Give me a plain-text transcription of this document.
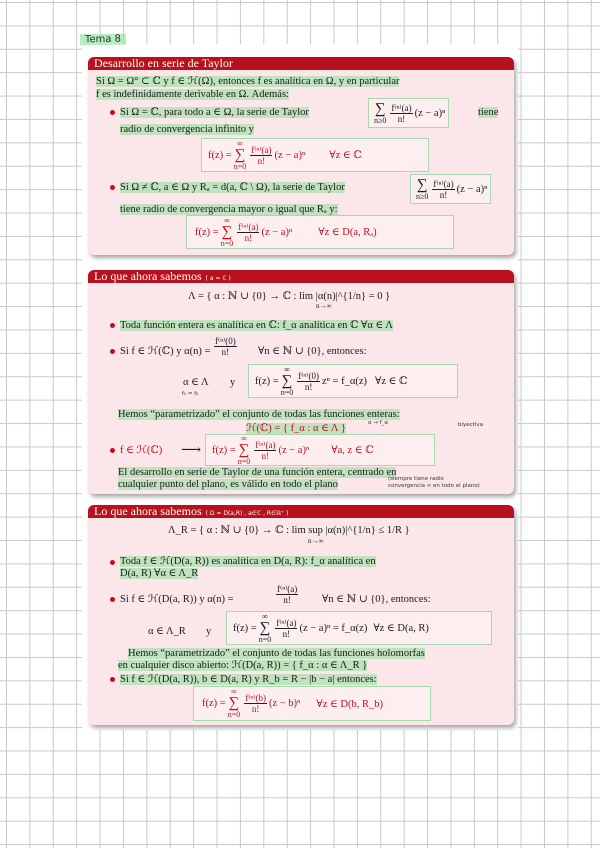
Tema 8
Desarrollo en serie de Taylor
Si Ω = Ω° ⊂ ℂ y f ∈ ℋ(Ω), entonces f es analítica en Ω, y en particular
f es indefinidamente derivable en Ω. Además:
Si Ω = ℂ, para todo a ∈ Ω, la serie de Taylor	∑
$n\ge 0 \frac{\text{f⁽ⁿ⁾(a)}}{n!} (z - a)^n$	tiene
radio de convergencia infinito y
f(z) =
∞
∑
n=0
$\frac{\text{f⁽ⁿ⁾(a)}}{n!} (z - a)^n$ ∀z ∈ ℂ
Si Ω ≠ ℂ, a ∈ Ω y Rₐ = d(a, ℂ \ Ω), la serie de Taylor	∑
$n\ge 0 \frac{\text{f⁽ⁿ⁾(a)}}{n!} (z - a)^n$
tiene radio de convergencia mayor o igual que Rₐ y:
f(z) =
∞
∑
n=0
$\frac{\text{f⁽ⁿ⁾(a)}}{n!} (z - a)^n$ ∀z ∈ D(a, Rₐ)
Lo que ahora sabemos ( a = ℂ )
Λ = { α : ℕ ∪ {0} → ℂ : lim |α(n)|^{1/n} = 0 }
n→∞
Toda función entera es analítica en ℂ: f_α analítica en ℂ ∀α ∈ Λ
Si f ∈ ℋ(ℂ) y $\alpha(n) = \frac{\text{f⁽ⁿ⁾(0)}}{n!}$ ∀n ∈ ℕ ∪ {0}, entonces:
α ∈ Λ
f₀ = f₀
y f(z) =
∞
∑
n=0
$\frac{\text{f⁽ⁿ⁾(0)}}{n!}$ zⁿ = f_α(z) ∀z ∈ ℂ
Hemos “parametrizado” el conjunto de todas las funciones enteras:
ℋ(ℂ) = { f_α : α ∈ Λ }	α → f_α	biyectiva
f ∈ ℋ(ℂ) ⟶ f(z) =
∞
∑
n=0
$\frac{\text{f⁽ⁿ⁾(a)}}{n!} (z - a)^n$ ∀a, z ∈ ℂ
El desarrollo en serie de Taylor de una función entera, centrado en
cualquier punto del plano, es válido en todo el plano	(siempre tiene radio
convergencia ∞ en todo el plano)
Lo que ahora sabemos ( Ω = D(a,R) , a∈ℂ , R∈ℝ⁺ )
Λ_R = { α : ℕ ∪ {0} → ℂ : lim sup |α(n)|^{1/n} ≤ 1/R }
n→∞
Toda f ∈ ℋ(D(a, R)) es analítica en D(a, R): f_α analítica en
D(a, R) ∀α ∈ Λ_R
Si f ∈ ℋ(D(a, R)) y α(n) =	$\frac{\text{f⁽ⁿ⁾(a)}}{n!}$ ∀n ∈ ℕ ∪ {0}, entonces:
α ∈ Λ_R y f(z) =
∞
∑
n=0
$\frac{\text{f⁽ⁿ⁾(a)}}{n!} (z - a)^n$ = f_α(z) ∀z ∈ D(a, R)
Hemos “parametrizado” el conjunto de todas las funciones holomorfas
en cualquier disco abierto: ℋ(D(a, R)) = { f_α : α ∈ Λ_R }
Si f ∈ ℋ(D(a, R)), b ∈ D(a, R) y R_b = R − |b − a| entonces:
f(z) =
∞
∑
n=0
$\frac{\text{f⁽ⁿ⁾(b)}}{n!} (z - b)^n$ ∀z ∈ D(b, R_b)
